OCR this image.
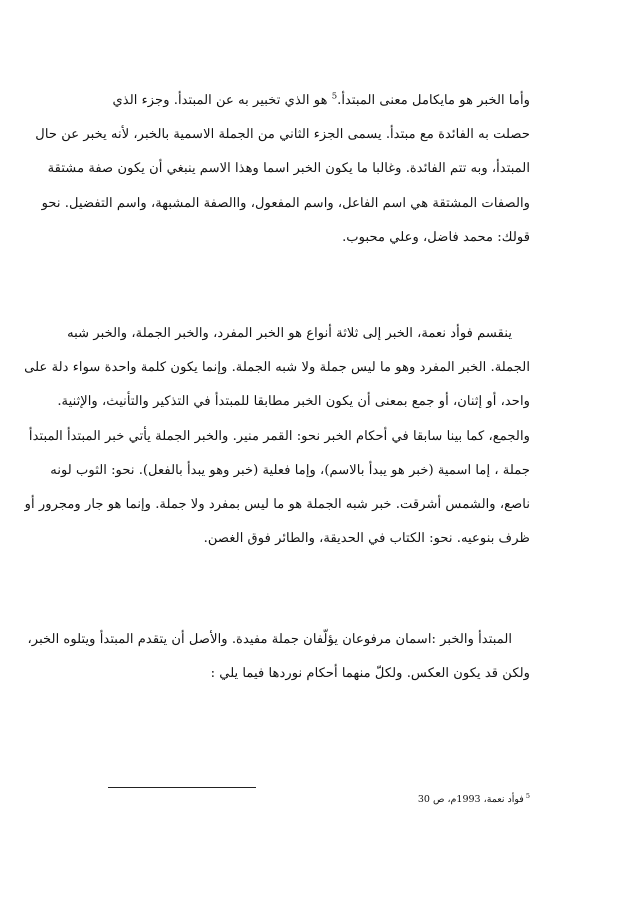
وأما الخبر هو مايكامل معنى المبتدأ.$^5$ هو الذي تخبير به عن المبتدأ. وجزء الذي
حصلت به الفائدة مع مبتدأ. يسمى الجزء الثاني من الجملة الاسمية بالخبر، لأنه يخبر عن حال
المبتدأ، وبه تتم الفائدة. وغالبا ما يكون الخبر اسما وهذا الاسم ينبغي أن يكون صفة مشتقة
والصفات المشتقة هي اسم الفاعل، واسم المفعول، واالصفة المشبهة، واسم التفضيل. نحو
قولك: محمد فاضل، وعلي محبوب.
ينقسم فوأد نعمة، الخبر إلى ثلاثة أنواع هو الخبر المفرد، والخبر الجملة، والخبر شبه
الجملة. الخبر المفرد وهو ما ليس جملة ولا شبه الجملة. وإنما يكون كلمة واحدة سواء دلة على
واحد، أو إثنان، أو جمع بمعنى أن يكون الخبر مطابقا للمبتدأ في التذكير والتأنيث، والإثنية.
والجمع، كما بينا سابقا في أحكام الخبر نحو: القمر منير. والخبر الجملة يأتي خبر المبتدأ المبتدأ
جملة ، إما اسمية (خبر هو يبدأ بالاسم)، وإما فعلية (خبر وهو يبدأ بالفعل). نحو: الثوب لونه
ناصع، والشمس أشرقت. خبر شبه الجملة هو ما ليس بمفرد ولا جملة. وإنما هو جار ومجرور أو
ظرف بنوعيه. نحو: الكتاب في الحديقة، والطائر فوق الغصن.
المبتدأ والخبر :اسمان مرفوعان يؤلّفان جملة مفيدة. والأصل أن يتقدم المبتدأ ويتلوه الخبر،
ولكن قد يكون العكس. ولكلّ منهما أحكام نوردها فيما يلي :
$^5$فوأد نعمة، 1993م، ص 30
